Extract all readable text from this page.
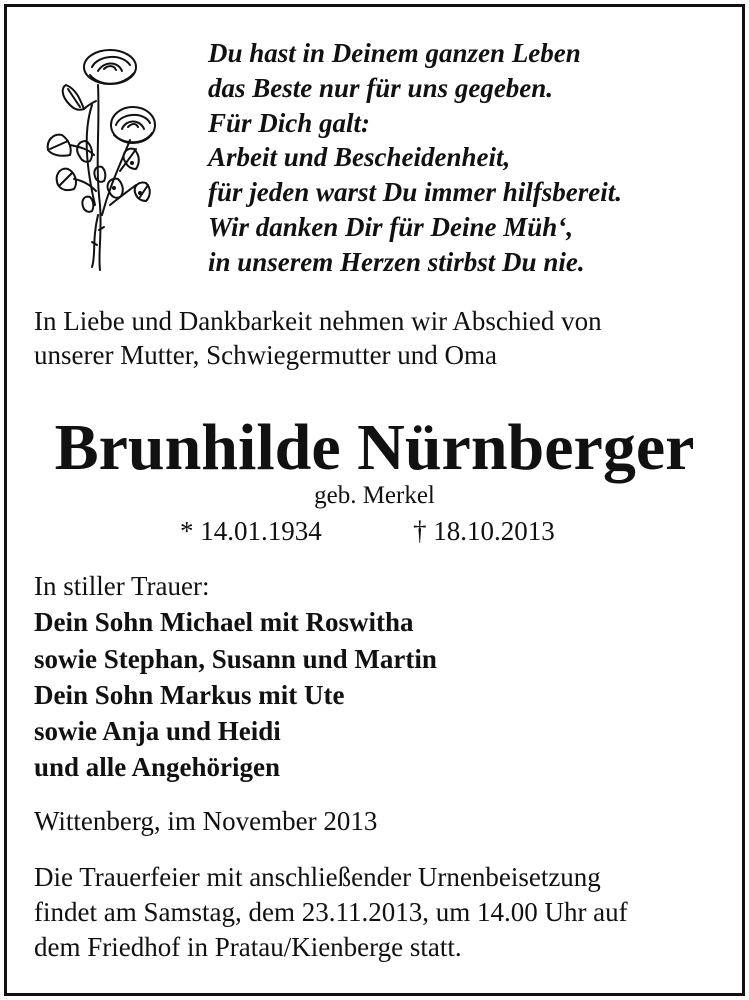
Du hast in Deinem ganzen Leben
das Beste nur für uns gegeben.
Für Dich galt:
Arbeit und Bescheidenheit,
für jeden warst Du immer hilfsbereit.
Wir danken Dir für Deine Müh‘,
in unserem Herzen stirbst Du nie.
In Liebe und Dankbarkeit nehmen wir Abschied von
unserer Mutter, Schwiegermutter und Oma
Brunhilde Nürnberger
geb. Merkel
* 14.01.1934	† 18.10.2013
In stiller Trauer:
Dein Sohn Michael mit Roswitha
sowie Stephan, Susann und Martin
Dein Sohn Markus mit Ute
sowie Anja und Heidi
und alle Angehörigen
Wittenberg, im November 2013
Die Trauerfeier mit anschließender Urnenbeisetzung
findet am Samstag, dem 23.11.2013, um 14.00 Uhr auf
dem Friedhof in Pratau/Kienberge statt.
